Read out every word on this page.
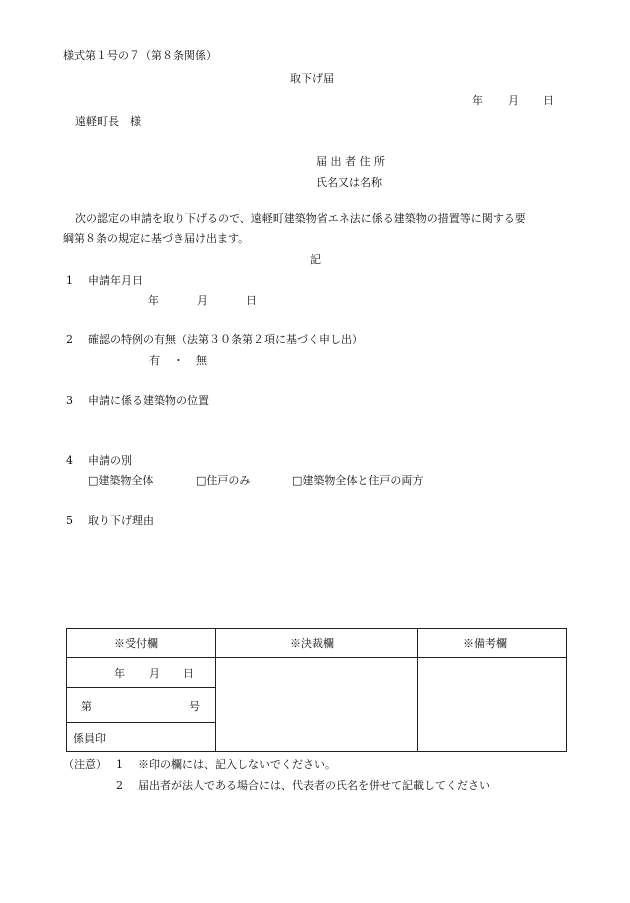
様式第１号の７（第８条関係）
取下げ届
年 月 日
遠軽町長　様
届 出 者 住 所
氏名又は名称
次の認定の申請を取り下げるので、遠軽町建築物省エネ法に係る建築物の措置等に関する要
綱第８条の規定に基づき届け出ます。
記
1 申請年月日
年	月	日
2 確認の特例の有無（法第３０条第２項に基づく申し出）
有 ・ 無
3 申請に係る建築物の位置
4 申請の別
□建築物全体	□住戸のみ	□建築物全体と住戸の両方
5 取り下げ理由
※受付欄	※決裁欄	※備考欄
年 月 日
第	号
係員印
（注意） 1 ※印の欄には、記入しないでください。
2 届出者が法人である場合には、代表者の氏名を併せて記載してください
